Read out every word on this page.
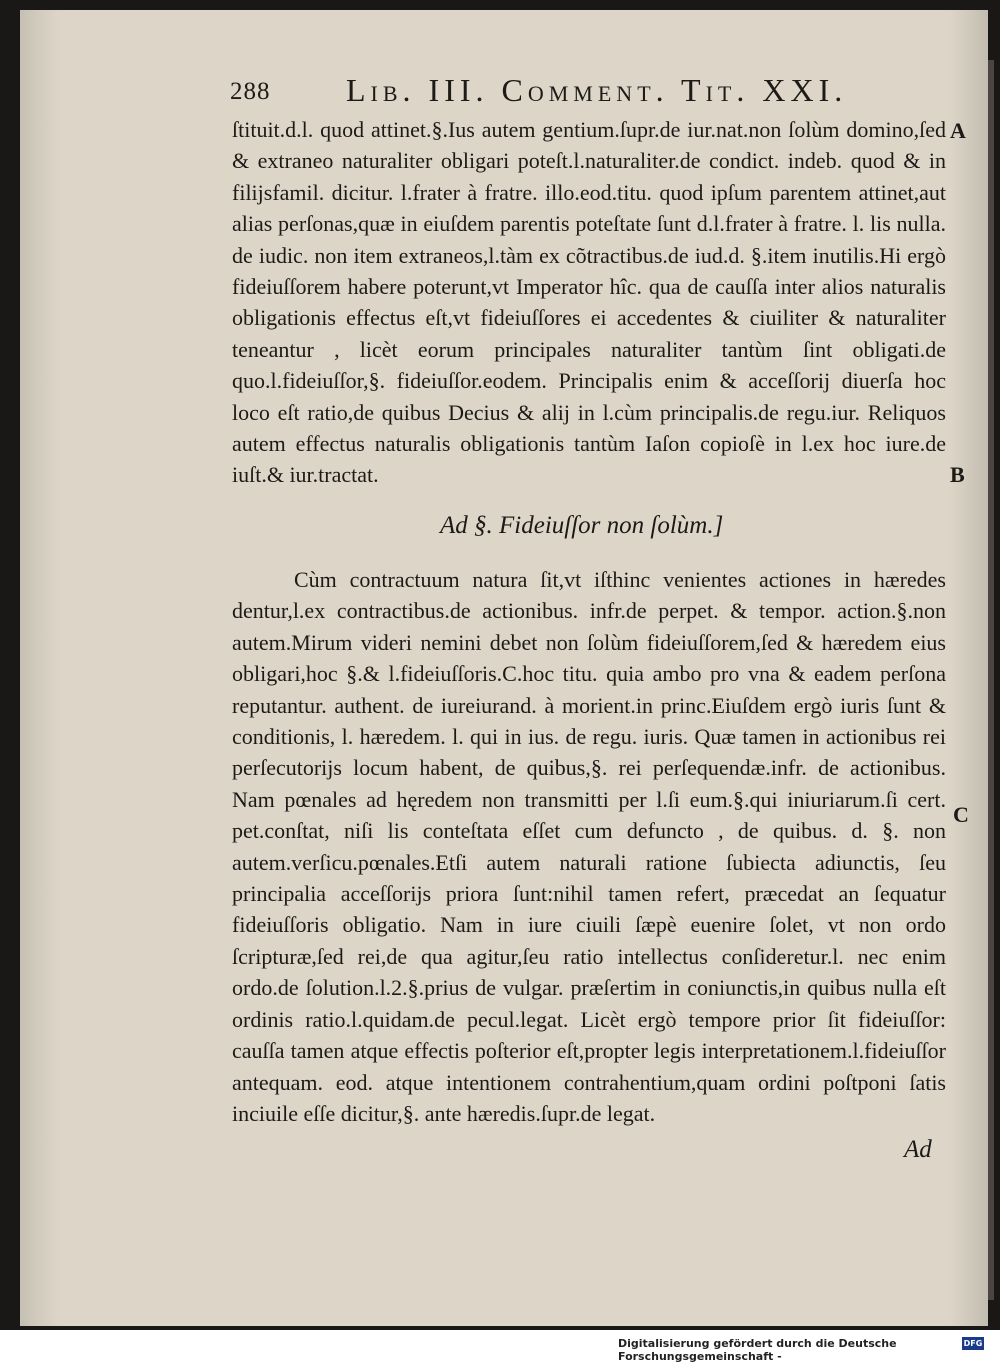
288 Lib. III. Comment. Tit. XXI.

ſtituit.d.l. quod attinet.§.Ius autem gentium.ſupr.de iur.nat.non ſolùm domino,ſed & extraneo naturaliter obligari poteſt.l.naturaliter.de condict. indeb. quod & in filijsfamil. dicitur. l.frater à fratre. illo.eod.titu. quod ipſum parentem attinet,aut alias perſonas,quæ in eiuſdem parentis poteſtate ſunt d.l.frater à fratre. l. lis nulla. de iudic. non item extraneos,l.tàm ex cõtractibus.de iud.d. §.item inutilis.Hi ergò fideiuſſorem habere poterunt,vt Imperator hîc. qua de cauſſa inter alios naturalis obligationis effectus eſt,vt fideiuſſores ei accedentes & ciuiliter & naturaliter teneantur , licèt eorum principales naturaliter tantùm ſint obligati.de quo.l.fideiuſſor,§. fideiuſſor.eodem. Principalis enim & acceſſorij diuerſa hoc loco eſt ratio,de quibus Decius & alij in l.cùm principalis.de regu.iur. Reliquos autem effectus naturalis obligationis tantùm Iaſon copioſè in l.ex hoc iure.de iuſt.& iur.tractat.

Ad §. Fideiuſſor non ſolùm.]

Cùm contractuum natura ſit,vt iſthinc venientes actiones in hæredes dentur,l.ex contractibus.de actionibus. infr.de perpet. & tempor. action.§.non autem.Mirum videri nemini debet non ſolùm fideiuſſorem,ſed & hæredem eius obligari,hoc §.& l.fideiuſſoris.C.hoc titu. quia ambo pro vna & eadem perſona reputantur. authent. de iureiurand. à morient.in princ.Eiuſdem ergò iuris ſunt & conditionis, l. hæredem. l. qui in ius. de regu. iuris. Quæ tamen in actionibus rei perſecutorijs locum habent, de quibus,§. rei perſequendæ.infr. de actionibus. Nam pœnales ad hęredem non transmitti per l.ſi eum.§.qui iniuriarum.ſi cert. pet.conſtat, niſi lis conteſtata eſſet cum defuncto , de quibus. d. §. non autem.verſicu.pœnales.Etſi autem naturali ratione ſubiecta adiunctis, ſeu principalia acceſſorijs priora ſunt:nihil tamen refert, præcedat an ſequatur fideiuſſoris obligatio. Nam in iure ciuili ſæpè euenire ſolet, vt non ordo ſcripturæ,ſed rei,de qua agitur,ſeu ratio intellectus conſideretur.l. nec enim ordo.de ſolution.l.2.§.prius de vulgar. præſertim in coniunctis,in quibus nulla eſt ordinis ratio.l.quidam.de pecul.legat. Licèt ergò tempore prior ſit fideiuſſor: cauſſa tamen atque effectis poſterior eſt,propter legis interpretationem.l.fideiuſſor antequam. eod. atque intentionem contrahentium,quam ordini poſtponi ſatis inciuile eſſe dicitur,§. ante hæredis.ſupr.de legat.

A
B
C
Ad
Digitalisierung gefördert durch die Deutsche Forschungsgemeinschaft -
DFG
